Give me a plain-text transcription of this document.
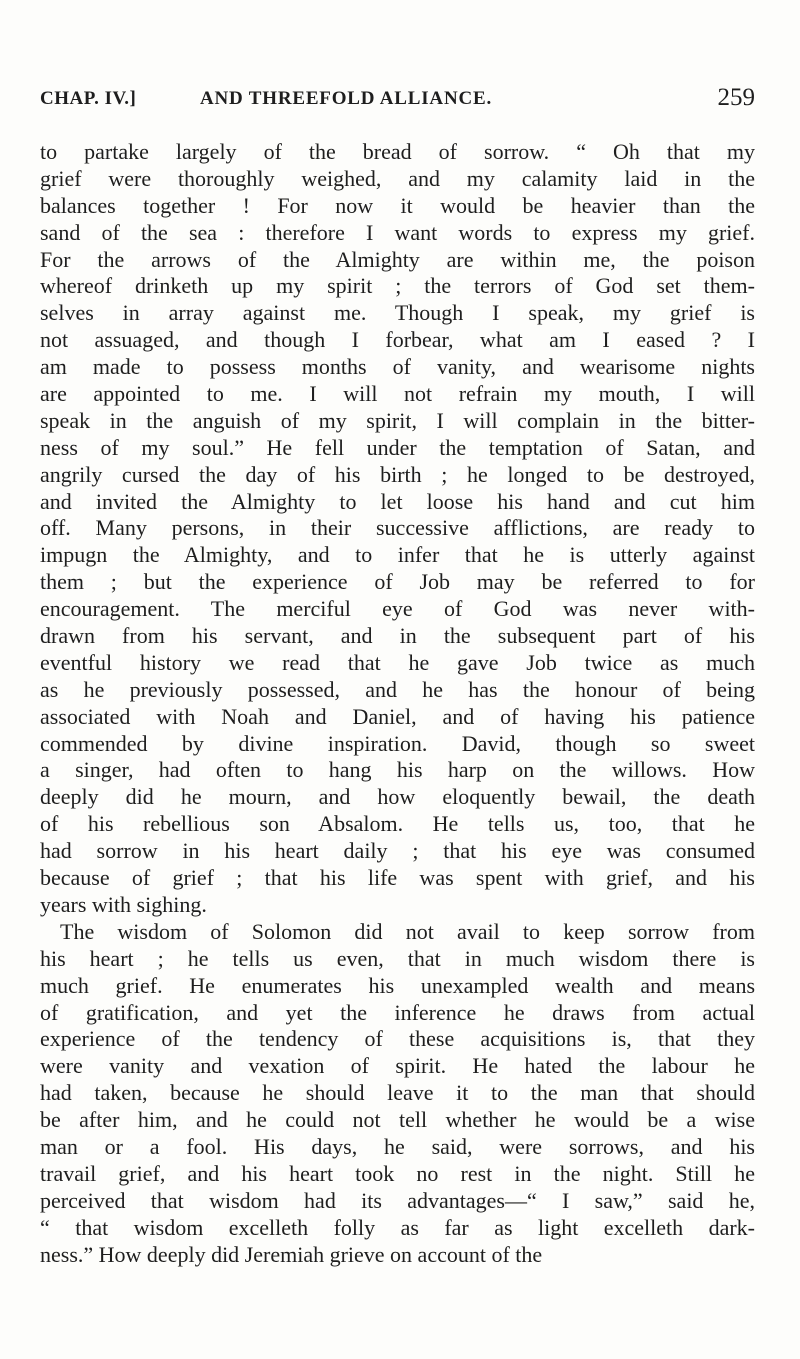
CHAP. IV.]	AND THREEFOLD ALLIANCE.	259
to partake largely of the bread of sorrow. “ Oh that my
grief were thoroughly weighed, and my calamity laid in the
balances together ! For now it would be heavier than the
sand of the sea : therefore I want words to express my grief.
For the arrows of the Almighty are within me, the poison
whereof drinketh up my spirit ; the terrors of God set them-
selves in array against me. Though I speak, my grief is
not assuaged, and though I forbear, what am I eased ? I
am made to possess months of vanity, and wearisome nights
are appointed to me. I will not refrain my mouth, I will
speak in the anguish of my spirit, I will complain in the bitter-
ness of my soul.” He fell under the temptation of Satan, and
angrily cursed the day of his birth ; he longed to be destroyed,
and invited the Almighty to let loose his hand and cut him
off. Many persons, in their successive afflictions, are ready to
impugn the Almighty, and to infer that he is utterly against
them ; but the experience of Job may be referred to for
encouragement. The merciful eye of God was never with-
drawn from his servant, and in the subsequent part of his
eventful history we read that he gave Job twice as much
as he previously possessed, and he has the honour of being
associated with Noah and Daniel, and of having his patience
commended by divine inspiration. David, though so sweet
a singer, had often to hang his harp on the willows. How
deeply did he mourn, and how eloquently bewail, the death
of his rebellious son Absalom. He tells us, too, that he
had sorrow in his heart daily ; that his eye was consumed
because of grief ; that his life was spent with grief, and his
years with sighing.
The wisdom of Solomon did not avail to keep sorrow from
his heart ; he tells us even, that in much wisdom there is
much grief. He enumerates his unexampled wealth and means
of gratification, and yet the inference he draws from actual
experience of the tendency of these acquisitions is, that they
were vanity and vexation of spirit. He hated the labour he
had taken, because he should leave it to the man that should
be after him, and he could not tell whether he would be a wise
man or a fool. His days, he said, were sorrows, and his
travail grief, and his heart took no rest in the night. Still he
perceived that wisdom had its advantages—“ I saw,” said he,
“ that wisdom excelleth folly as far as light excelleth dark-
ness.” How deeply did Jeremiah grieve on account of the
